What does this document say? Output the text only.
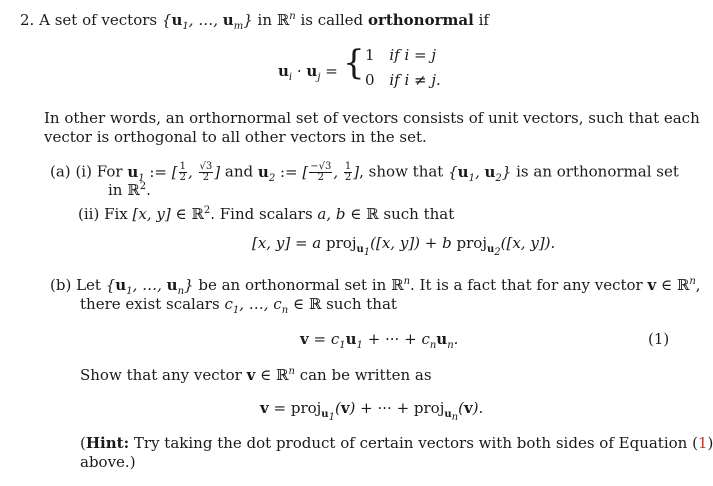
2. A set of vectors {$u_1$, …, $u_m$} in ℝ$^n$ is called orthonormal if
$u_i \cdot u_j$ = { 1 if i = j
0 if i ≠ j.
In other words, an orthornormal set of vectors consists of unit vectors, such that each
vector is orthogonal to all other vectors in the set.
(a) (i) For $u_1$ := [ $\frac{1}{2}$ , $\frac{√3}{2}$ ] and $u_2$ := [ $\frac{-√3}{2}$ , $\frac{1}{2}$ ], show that {$u_1$, $u_2$} is an orthonormal set
in ℝ$^2$.
(ii) Fix [x, y] ∈ ℝ$^2$. Find scalars a, b ∈ ℝ such that
[x, y] = a proj$_{u_1}$([x, y]) + b proj$_{u_2}$([x, y]).
(b) Let {$u_1$, …, $u_n$} be an orthonormal set in ℝ$^n$. It is a fact that for any vector v ∈ ℝ$^n$,
there exist scalars $c_1$, …, $c_n$ ∈ ℝ such that
$v = c_1u_1$ + ··· + $c_nu_n$.	(1)
Show that any vector v ∈ ℝ$^n$ can be written as
v = proj$_{u_1}$(v) + ··· + proj$_{u_n}$(v).
(Hint: Try taking the dot product of certain vectors with both sides of Equation (1)
above.)
